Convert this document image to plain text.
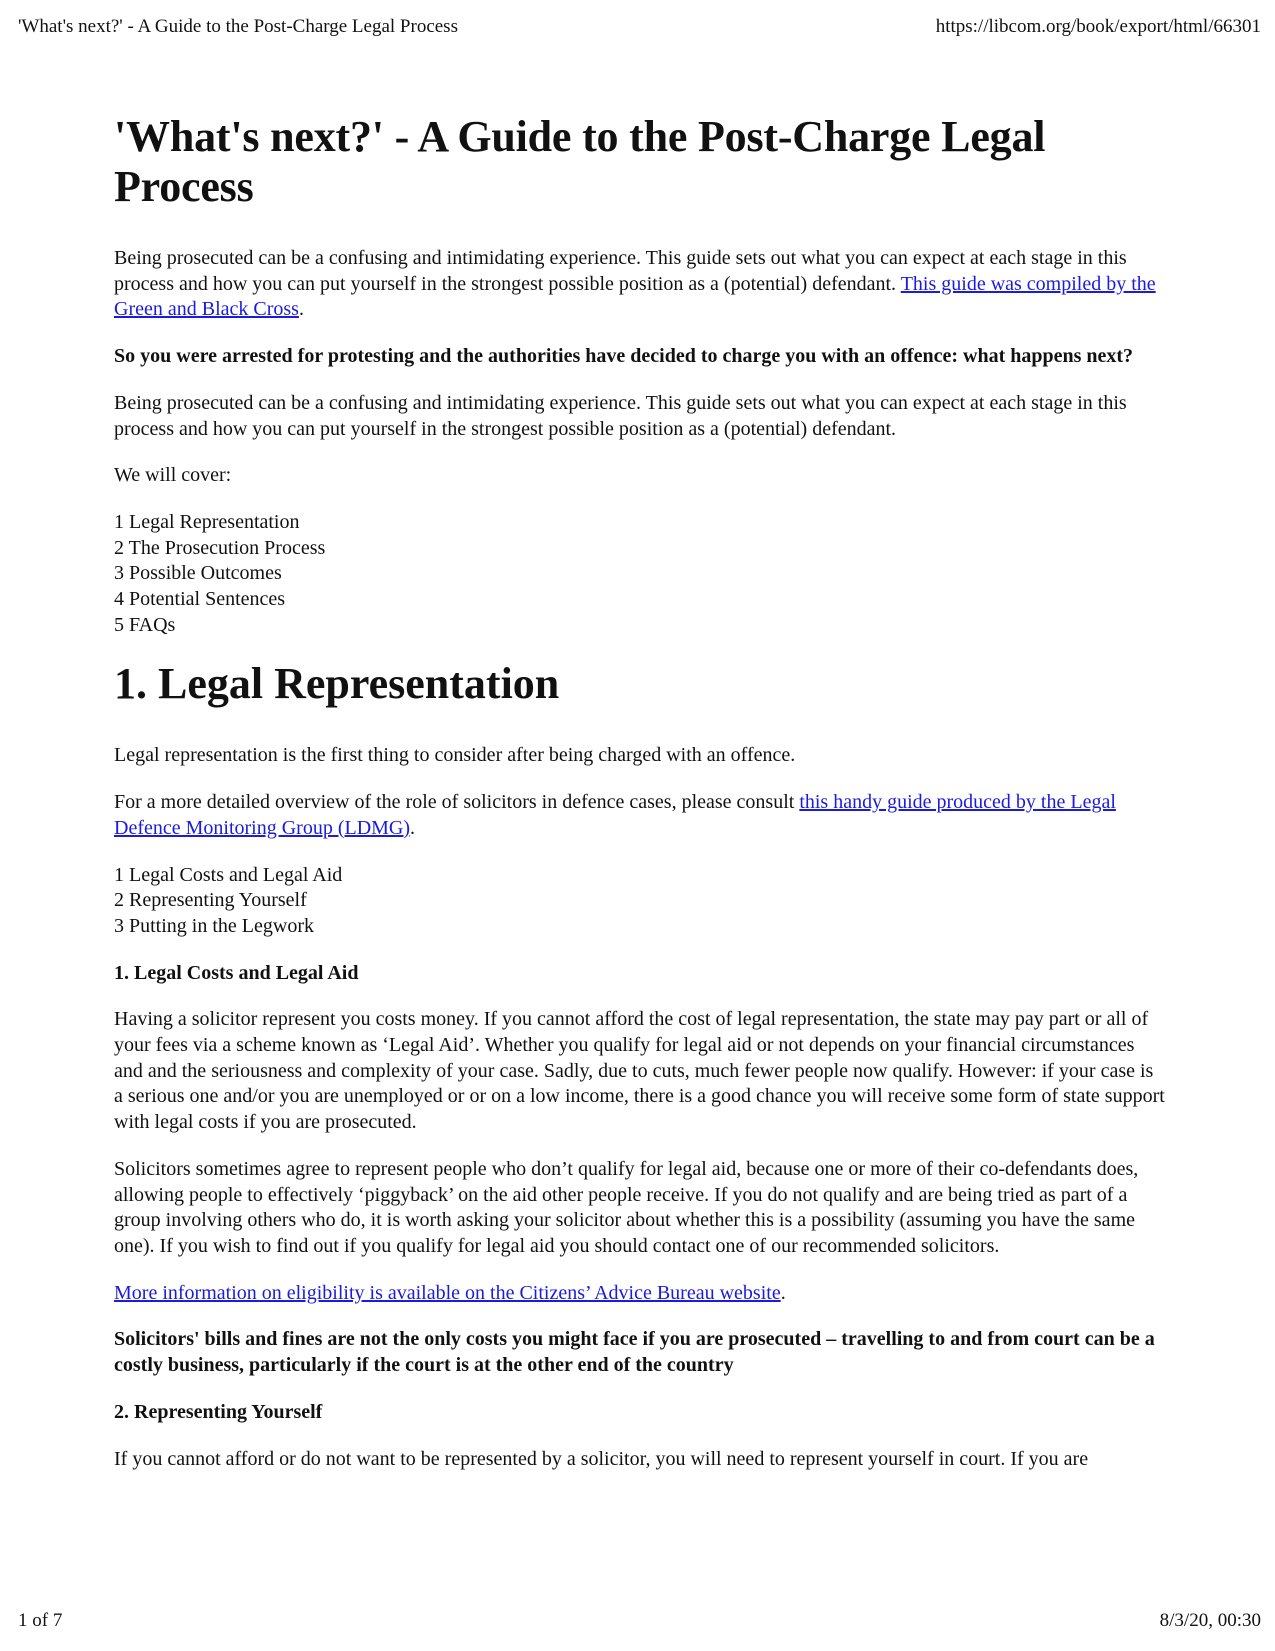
'What's next?' - A Guide to the Post-Charge Legal Process	https://libcom.org/book/export/html/66301
'What's next?' - A Guide to the Post-Charge Legal Process

Being prosecuted can be a confusing and intimidating experience. This guide sets out what you can expect at each stage in this process and how you can put yourself in the strongest possible position as a (potential) defendant. This guide was compiled by the Green and Black Cross.

So you were arrested for protesting and the authorities have decided to charge you with an offence: what happens next?

Being prosecuted can be a confusing and intimidating experience. This guide sets out what you can expect at each stage in this process and how you can put yourself in the strongest possible position as a (potential) defendant.

We will cover:

1 Legal Representation
2 The Prosecution Process
3 Possible Outcomes
4 Potential Sentences
5 FAQs
1. Legal Representation

Legal representation is the first thing to consider after being charged with an offence.

For a more detailed overview of the role of solicitors in defence cases, please consult this handy guide produced by the Legal Defence Monitoring Group (LDMG).

1 Legal Costs and Legal Aid
2 Representing Yourself
3 Putting in the Legwork
1. Legal Costs and Legal Aid

Having a solicitor represent you costs money. If you cannot afford the cost of legal representation, the state may pay part or all of your fees via a scheme known as ‘Legal Aid’. Whether you qualify for legal aid or not depends on your financial circumstances and and the seriousness and complexity of your case. Sadly, due to cuts, much fewer people now qualify. However: if your case is a serious one and/or you are unemployed or or on a low income, there is a good chance you will receive some form of state support with legal costs if you are prosecuted.

Solicitors sometimes agree to represent people who don’t qualify for legal aid, because one or more of their co-defendants does, allowing people to effectively ‘piggyback’ on the aid other people receive. If you do not qualify and are being tried as part of a group involving others who do, it is worth asking your solicitor about whether this is a possibility (assuming you have the same one). If you wish to find out if you qualify for legal aid you should contact one of our recommended solicitors.

More information on eligibility is available on the Citizens’ Advice Bureau website.

Solicitors' bills and fines are not the only costs you might face if you are prosecuted – travelling to and from court can be a costly business, particularly if the court is at the other end of the country

2. Representing Yourself

If you cannot afford or do not want to be represented by a solicitor, you will need to represent yourself in court. If you are

1 of 7	8/3/20, 00:30
